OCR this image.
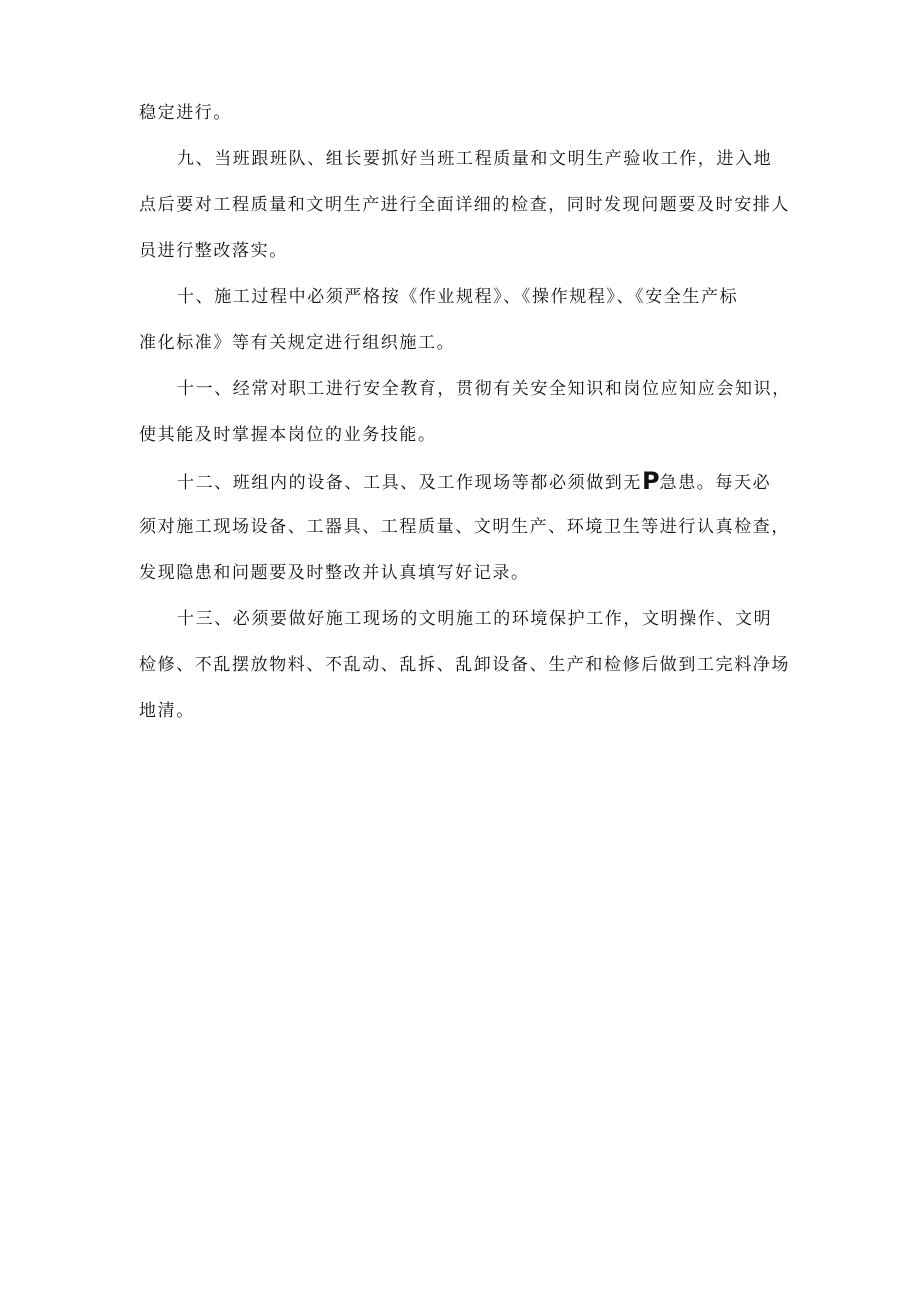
稳定进行。
九、当班跟班队、组长要抓好当班工程质量和文明生产验收工作，进入地
点后要对工程质量和文明生产进行全面详细的检查，同时发现问题要及时安排人
员进行整改落实。
十、施工过程中必须严格按《作业规程》、《操作规程》、《安全生产标
准化标准》等有关规定进行组织施工。
十一、经常对职工进行安全教育，贯彻有关安全知识和岗位应知应会知识，
使其能及时掌握本岗位的业务技能。
十二、班组内的设备、工具、及工作现场等都必须做到无P急患。每天必
须对施工现场设备、工器具、工程质量、文明生产、环境卫生等进行认真检查，
发现隐患和问题要及时整改并认真填写好记录。
十三、必须要做好施工现场的文明施工的环境保护工作，文明操作、文明
检修、不乱摆放物料、不乱动、乱拆、乱卸设备、生产和检修后做到工完料净场
地清。
